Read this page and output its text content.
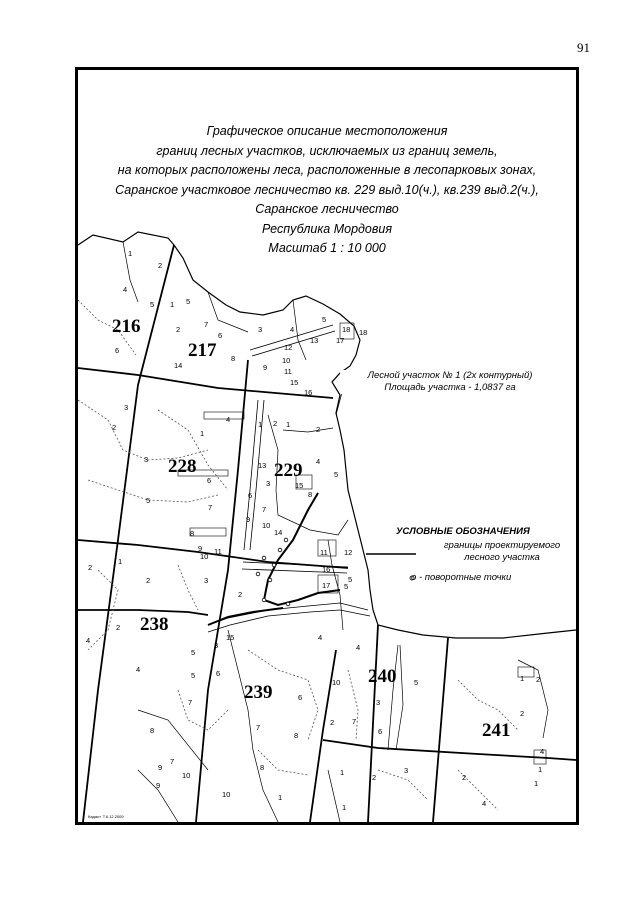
91
216
217
228	229
238
239
240
241
1
2
4
5
6
1 5
7
2
6
8
14
3	4
5
12
13 17
18 18
10
9 11
15
16
3
4
1
2	1
3
6
5
7
8
9
10
11
2
1
2
3
4
5
6	8
7
9
10
11 12
15
13
16
17
14
5
1
2	3
2
4
2
4
5
15
3
5
6
2
4
6
7
8
9
10
10
9
7
8
7
4
10
3
6
2 7
8
5
1
2
3
1 2
2
4
1
2
4
1
1
1
5
Графическое описание местоположения
границ лесных участков, исключаемых из границ земель,
на которых расположены леса, расположенные в лесопарковых зонах,
Саранское участковое лесничество кв. 229 выд.10(ч.), кв.239 выд.2(ч.),
Саранское лесничество
Республика Мордовия
Масштаб 1 : 10 000
Лесной участок № 1 (2х контурный)
Площадь участка - 1,0837 га
УСЛОВНЫЕ ОБОЗНАЧЕНИЯ
границы проектируемого
лесного участка
о - поворотные точки
Кадаст. Т.6.12.2009
